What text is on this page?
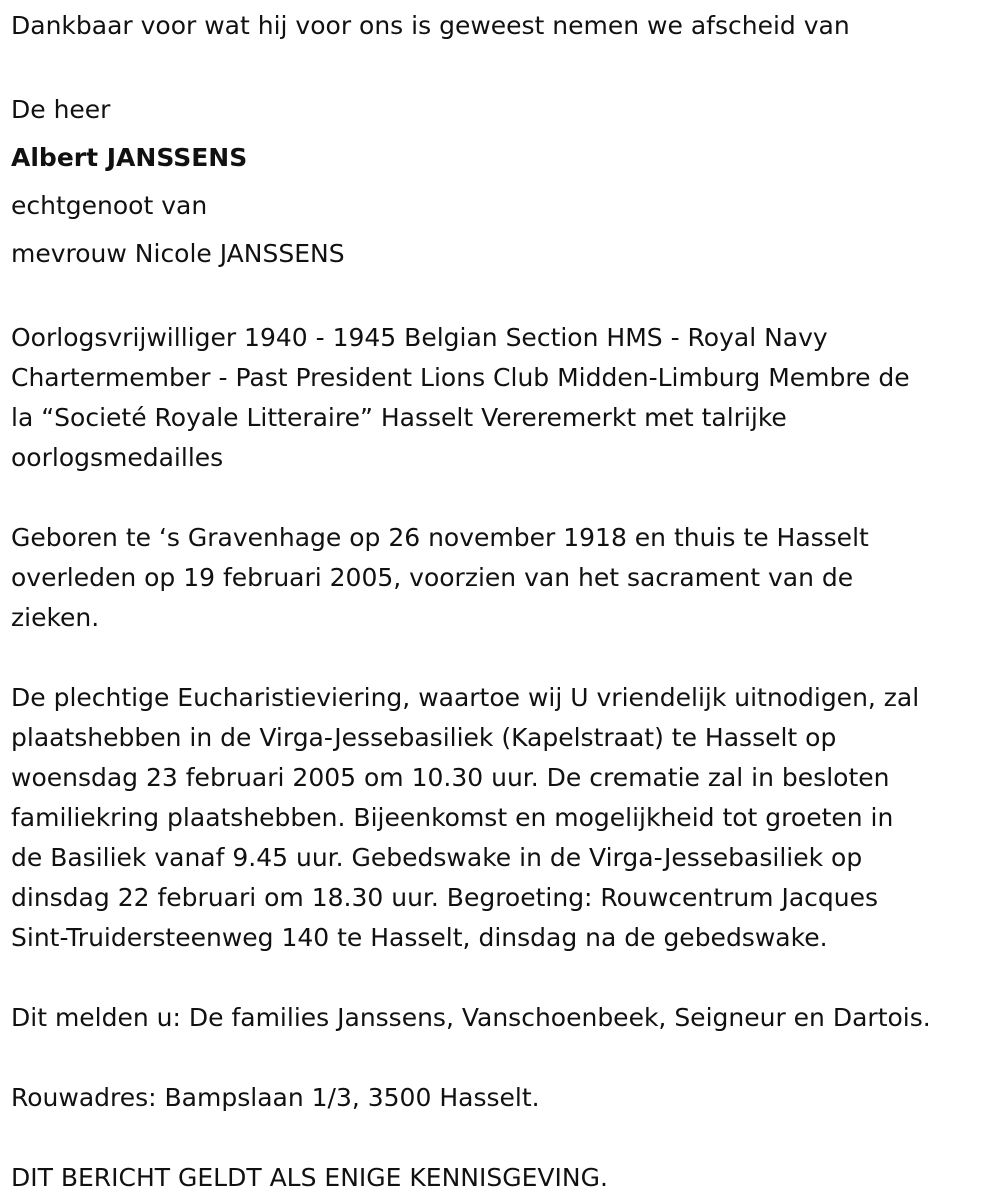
Dankbaar voor wat hij voor ons is geweest nemen we afscheid van

De heer
Albert JANSSENS
echtgenoot van
mevrouw Nicole JANSSENS
Oorlogsvrijwilliger 1940 - 1945 Belgian Section HMS - Royal Navy
Chartermember - Past President Lions Club Midden-Limburg Membre de
la “Societé Royale Litteraire” Hasselt Vereremerkt met talrijke
oorlogsmedailles
Geboren te ‘s Gravenhage op 26 november 1918 en thuis te Hasselt
overleden op 19 februari 2005, voorzien van het sacrament van de
zieken.
De plechtige Eucharistieviering, waartoe wij U vriendelijk uitnodigen, zal
plaatshebben in de Virga-Jessebasiliek (Kapelstraat) te Hasselt op
woensdag 23 februari 2005 om 10.30 uur. De crematie zal in besloten
familiekring plaatshebben. Bijeenkomst en mogelijkheid tot groeten in
de Basiliek vanaf 9.45 uur. Gebedswake in de Virga-Jessebasiliek op
dinsdag 22 februari om 18.30 uur. Begroeting: Rouwcentrum Jacques
Sint-Truidersteenweg 140 te Hasselt, dinsdag na de gebedswake.

Dit melden u: De families Janssens, Vanschoenbeek, Seigneur en Dartois.

Rouwadres: Bampslaan 1/3, 3500 Hasselt.

DIT BERICHT GELDT ALS ENIGE KENNISGEVING.
